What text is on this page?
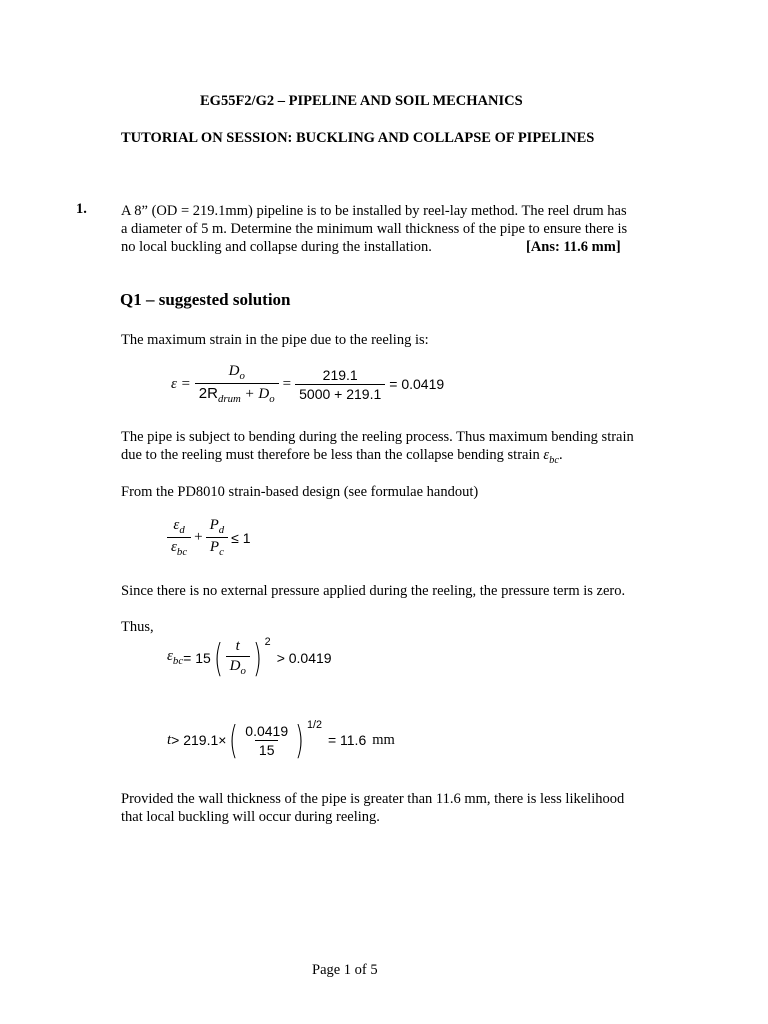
EG55F2/G2 – PIPELINE AND SOIL MECHANICS
TUTORIAL ON SESSION: BUCKLING AND COLLAPSE OF PIPELINES
1. A 8” (OD = 219.1mm) pipeline is to be installed by reel-lay method. The reel drum has
a diameter of 5 m. Determine the minimum wall thickness of the pipe to ensure there is
no local buckling and collapse during the installation.	[Ans: 11.6 mm]
Q1 – suggested solution
The maximum strain in the pipe due to the reeling is:
$\varepsilon = \frac{D_o}{2R_{drum} + D_o} = \frac{219.1}{5000 + 219.1} = 0.0419$
The pipe is subject to bending during the reeling process. Thus maximum bending strain
due to the reeling must therefore be less than the collapse bending strain $\varepsilon_{bc}$.
From the PD8010 strain-based design (see formulae handout)
$\frac{\varepsilon_d}{\varepsilon_{bc}} + \frac{P_d}{P_c} \le 1$
Since there is no external pressure applied during the reeling, the pressure term is zero.
Thus,
$\varepsilon_{bc} = 15$ ( $\frac{t}{D_o}$ ) $^2$
> 0.0419
t > 219.1× ( $\frac{0.0419}{15}$ ) $^{1/2}$
= 11.6 mm
Provided the wall thickness of the pipe is greater than 11.6 mm, there is less likelihood
that local buckling will occur during reeling.
Page 1 of 5
